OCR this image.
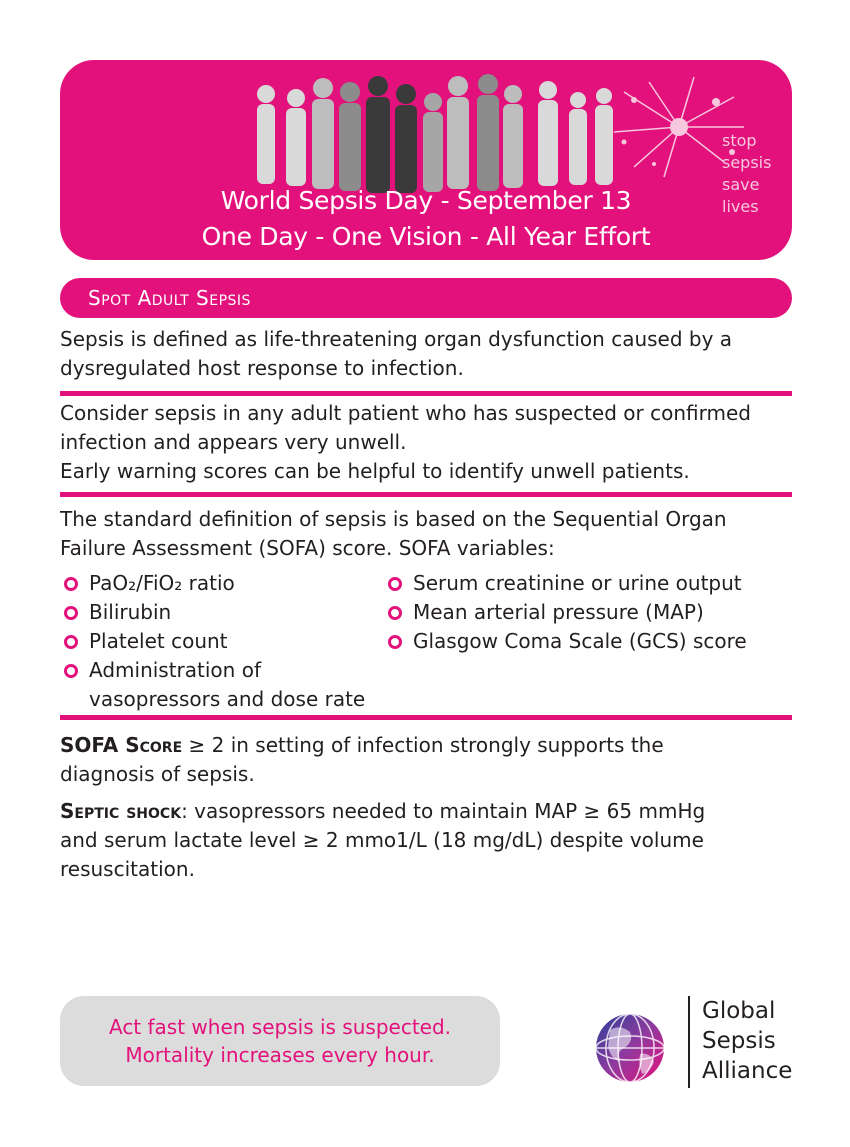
stop
sepsis
save
lives
World Sepsis Day - September 13
One Day - One Vision - All Year Effort
Spot Adult Sepsis
Sepsis is defined as life-threatening organ dysfunction caused by a
dysregulated host response to infection.
Consider sepsis in any adult patient who has suspected or confirmed
infection and appears very unwell.
Early warning scores can be helpful to identify unwell patients.
The standard definition of sepsis is based on the Sequential Organ
Failure Assessment (SOFA) score. SOFA variables:
PaO₂/FiO₂ ratio
Bilirubin
Platelet count
Administration of
vasopressors and dose rate
Serum creatinine or urine output
Mean arterial pressure (MAP)
Glasgow Coma Scale (GCS) score
SOFA Score ≥ 2 in setting of infection strongly supports the
diagnosis of sepsis.
Septic shock: vasopressors needed to maintain MAP ≥ 65 mmHg
and serum lactate level ≥ 2 mmo1/L (18 mg/dL) despite volume
resuscitation.
Act fast when sepsis is suspected.
Mortality increases every hour.
Global
Sepsis
Alliance
